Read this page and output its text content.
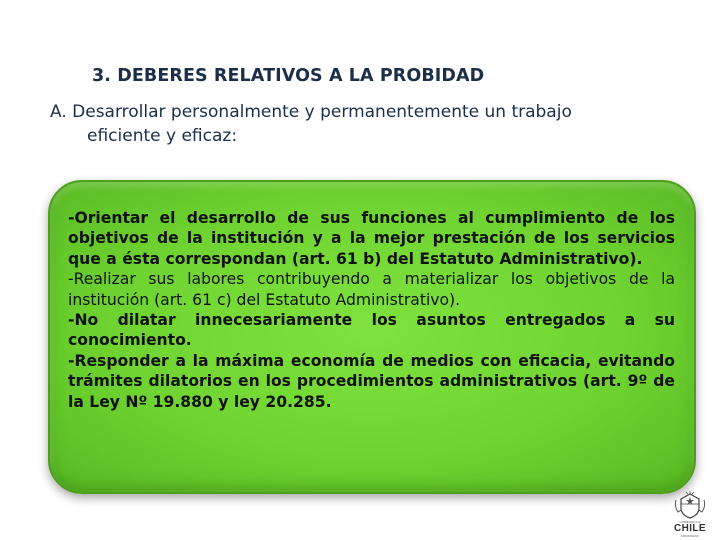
3. DEBERES RELATIVOS A LA PROBIDAD
A. Desarrollar personalmente y permanentemente un trabajo
eficiente y eficaz:
-Orientar el desarrollo de sus funciones al cumplimiento de los objetivos de la institución y a la mejor prestación de los servicios que a ésta correspondan (art. 61 b) del Estatuto Administrativo).
-Realizar sus labores contribuyendo a materializar los objetivos de la institución (art. 61 c) del Estatuto Administrativo).
-No dilatar innecesariamente los asuntos entregados a su conocimiento.
-Responder a la máxima economía de medios con eficacia, evitando trámites dilatorios en los procedimientos administrativos (art. 9º de la Ley Nº 19.880 y ley 20.285.
GOBIERNO DE
CHILE
MINISTERIO
